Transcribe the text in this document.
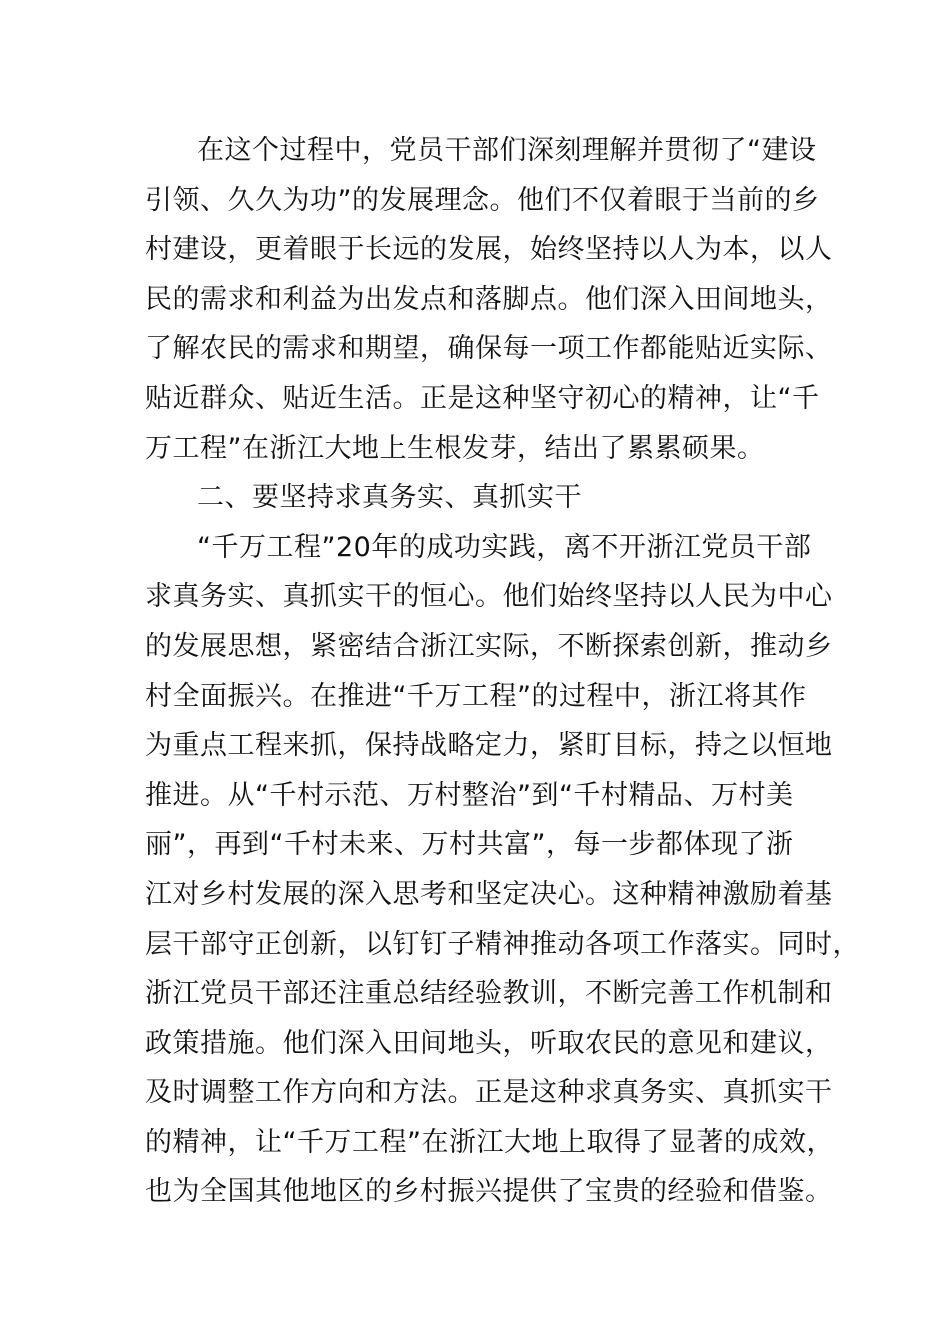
在这个过程中，党员干部们深刻理解并贯彻了“建设
引领、久久为功”的发展理念。他们不仅着眼于当前的乡
村建设，更着眼于长远的发展，始终坚持以人为本，以人
民的需求和利益为出发点和落脚点。他们深入田间地头，
了解农民的需求和期望，确保每一项工作都能贴近实际、
贴近群众、贴近生活。正是这种坚守初心的精神，让“千
万工程”在浙江大地上生根发芽，结出了累累硕果。
二、要坚持求真务实、真抓实干
“千万工程”20年的成功实践，离不开浙江党员干部
求真务实、真抓实干的恒心。他们始终坚持以人民为中心
的发展思想，紧密结合浙江实际，不断探索创新，推动乡
村全面振兴。在推进“千万工程”的过程中，浙江将其作
为重点工程来抓，保持战略定力，紧盯目标，持之以恒地
推进。从“千村示范、万村整治”到“千村精品、万村美
丽”，再到“千村未来、万村共富”，每一步都体现了浙
江对乡村发展的深入思考和坚定决心。这种精神激励着基
层干部守正创新，以钉钉子精神推动各项工作落实。同时，
浙江党员干部还注重总结经验教训，不断完善工作机制和
政策措施。他们深入田间地头，听取农民的意见和建议，
及时调整工作方向和方法。正是这种求真务实、真抓实干
的精神，让“千万工程”在浙江大地上取得了显著的成效，
也为全国其他地区的乡村振兴提供了宝贵的经验和借鉴。
